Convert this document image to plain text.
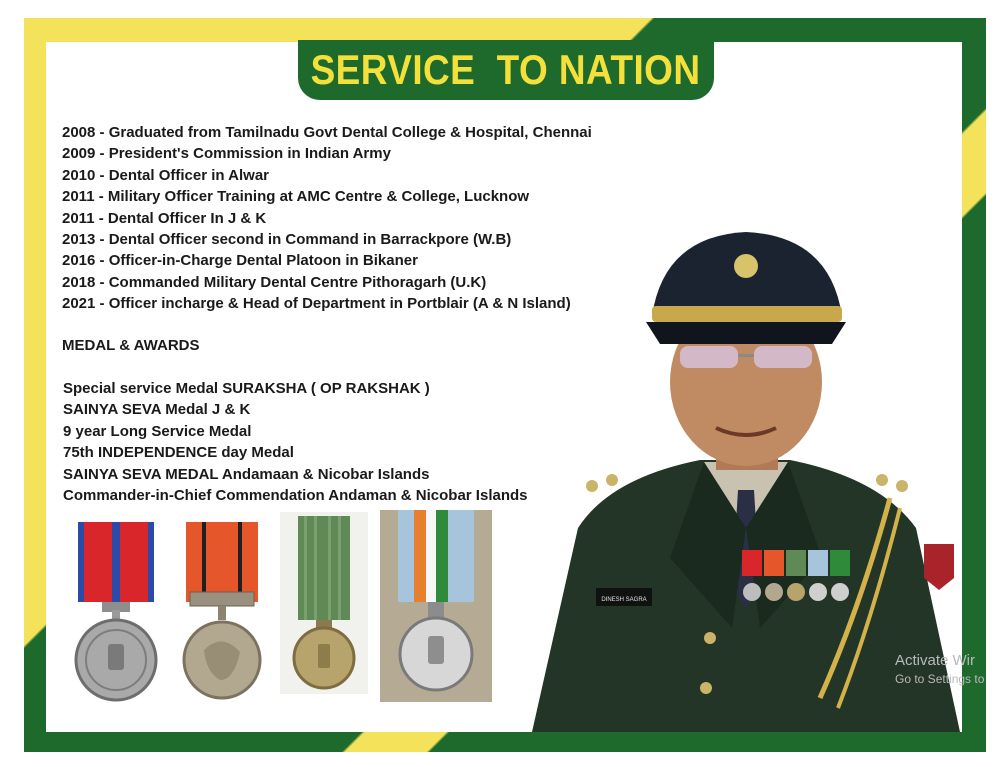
SERVICE  TO NATION
2008 - Graduated from Tamilnadu Govt Dental College & Hospital, Chennai
2009 - President's Commission in Indian Army
2010 - Dental Officer in Alwar
2011 - Military Officer Training at AMC Centre & College, Lucknow
2011 - Dental Officer In J & K
2013 - Dental Officer second in Command in Barrackpore (W.B)
2016 - Officer-in-Charge Dental Platoon in Bikaner
2018 - Commanded Military Dental Centre Pithoragarh (U.K)
2021 - Officer incharge & Head of Department in Portblair (A & N Island)
MEDAL & AWARDS
Special service Medal SURAKSHA ( OP RAKSHAK )
SAINYA SEVA Medal J & K
9 year Long Service Medal
75th INDEPENDENCE day Medal
SAINYA SEVA MEDAL Andamaan & Nicobar Islands
Commander-in-Chief Commendation Andaman & Nicobar Islands
DINESH SAGRA
Activate Wir
Go to Settings to
